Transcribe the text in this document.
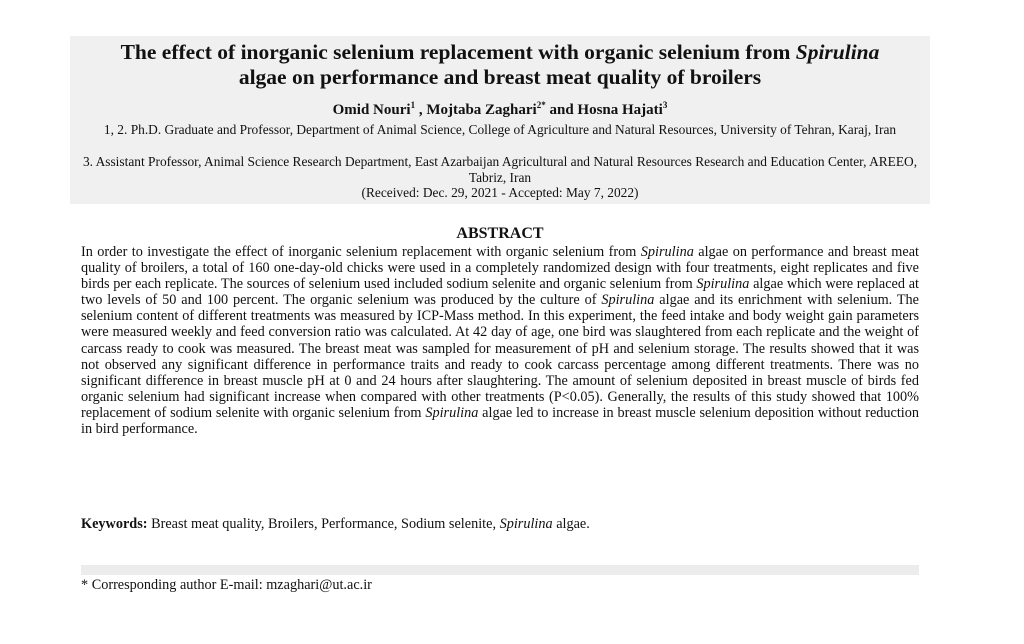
The effect of inorganic selenium replacement with organic selenium from Spirulina
algae on performance and breast meat quality of broilers
Omid Nouri$^1$ , Mojtaba Zaghari$^{2*}$ and Hosna Hajati$^3$
1, 2. Ph.D. Graduate and Professor, Department of Animal Science, College of Agriculture and Natural Resources, University of Tehran, Karaj, Iran
3. Assistant Professor, Animal Science Research Department, East Azarbaijan Agricultural and Natural Resources Research and Education Center, AREEO, Tabriz, Iran
(Received: Dec. 29, 2021 - Accepted: May 7, 2022)
ABSTRACT
In order to investigate the effect of inorganic selenium replacement with organic selenium from Spirulina algae on performance and breast meat quality of broilers, a total of 160 one-day-old chicks were used in a completely randomized design with four treatments, eight replicates and five birds per each replicate. The sources of selenium used included sodium selenite and organic selenium from Spirulina algae which were replaced at two levels of 50 and 100 percent. The organic selenium was produced by the culture of Spirulina algae and its enrichment with selenium. The selenium content of different treatments was measured by ICP-Mass method. In this experiment, the feed intake and body weight gain parameters were measured weekly and feed conversion ratio was calculated. At 42 day of age, one bird was slaughtered from each replicate and the weight of carcass ready to cook was measured. The breast meat was sampled for measurement of pH and selenium storage. The results showed that it was not observed any significant difference in performance traits and ready to cook carcass percentage among different treatments. There was no significant difference in breast muscle pH at 0 and 24 hours after slaughtering. The amount of selenium deposited in breast muscle of birds fed organic selenium had significant increase when compared with other treatments (P<0.05). Generally, the results of this study showed that 100% replacement of sodium selenite with organic selenium from Spirulina algae led to increase in breast muscle selenium deposition without reduction in bird performance.
Keywords: Breast meat quality, Broilers, Performance, Sodium selenite, Spirulina algae.
* Corresponding author E-mail: mzaghari@ut.ac.ir
